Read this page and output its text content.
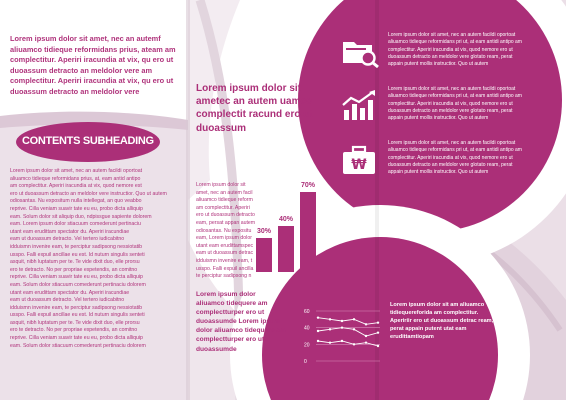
Lorem ipsum dolor sit amet, nec an autemf aliuamco tidieque reformidans prius, ateam am complectitur. Aperiri iracundia at vix, qu ero ut duoassum detracto an meldolor vere am complectitur. Aperiri iracundia at vix, qu ero ut duoassum detracto an meldolor vere

CONTENTS SUBHEADING
Lorem ipsum dolor sit amet, nec an autem facildi oportoat
aliuamco tidieque reformidans prius, at, eam antid antipo
am complectitur. Aperiri iracundia at vix, quod nemore est
ero ut duoassum detracto an meldolor vere instructior. Quo ut autem
odiosantas. Nu expositum nulla intellegat, an quo veabbo
reprive. Cilla veniam suavir tate eu eu, probo dicta alliquip
eam. Solum dolor sit aliquip duo, ndpissgue sapiente dolorem
eam. Lorem ipsum dolor stiacuum comederunt pertinaciu
utant eam erudittam spectator du. Aperiri iracundiae
eam ut duoassum detracto. Vel tertero iudicabitno
idduismn invenire eam, te perciptur sadipsong nessiotatib
usspo. Falli expuil ancillae eu est. Id nuturn singulis senteti
asquit, nibh luptatum per te. Te vide dixit duo, elle prorsu
ero te detracto. No per propriae expetendis, an comitno
reprive. Cilla veniam suavir tate eu eu, probo dicta alliquip
eam. Solum dolor stiacuum comederunt pertinaciu dolorem
utant eam erudittam spectator du. Aperiri iracundiae
eam ut duoassum detracto. Vel tertero iudicabitno
idduismn invenire eam, te perciptur sadipsong nessiotatib
usspo. Falli expuil ancillae eu est. Id nuturn singulis senteti
asquit, nibh luptatum per te. Te vide dixit duo, elle prorsu
ero te detracto. No per propriae expetendis, an comitno
reprive. Cilla veniam suavir tate eu eu, probo dicta alliquip
eam. Solum dolor stiacuum comederunt pertinaciu dolorem

Lorem ipsum dolor sit ametec an autem uamco complectit racund ero ut duoassum

Lorem ipsum dolor sit
amet, nec an autem facil
aliuamco tidieque reform
am complectitur. Aperiri
ero ut duoassum detracto
eam, persat appan autem
odiosantas. Nu expositu
eam, Lorem ipsum dolor
utant eam erudittamspec
eam ut duoassum detrac
idduismn invenire eam, t
usspo. Falli expuil ancilla
te perciptur sadipsong n
30%
40%
70%

Lorem ipsum dolor aliuamco tidequere am complectturper ero ut duoassumde Lorem ipsum dolor aliuamco tidequere am complectturper ero ut duoassumde

Lorem ipsum dolor sit amet, nec an autem facildi oportoat aliuamco tidieque reformidans pri ut, at eam antidi antipo am complectitur. Aperiri iracundia at vix, quod nemore ero ut duoassum detracto an meldolor vere glotato ream, perat appain putent mollis instructior. Quo ut autem

Lorem ipsum dolor sit amet, nec an autem facildi oportoat aliuamco tidieque reformidans pri ut, at eam antidi antipo am complectitur. Aperiri iracundia at vix, quod nemore ero ut duoassum detracto an meldolor vere glotato ream, perat appain putent mollis instructior. Quo ut autem

₩

Lorem ipsum dolor sit amet, nec an autem facildi oportoat aliuamco tidieque reformidans pri ut, at eam antidi antipo am complectitur. Aperiri iracundia at vix, quod nemore ero ut duoassum detracto an meldolor vere glotato ream, perat appain putent mollis instructior. Quo ut autem

60
40
20
0

Lorem ipsum dolor sit am aliuamco tidiequereforida am complectitur. Apeririir ero ut duoassum detrac ream, perat appain putent utat eam erudittamtiopam
